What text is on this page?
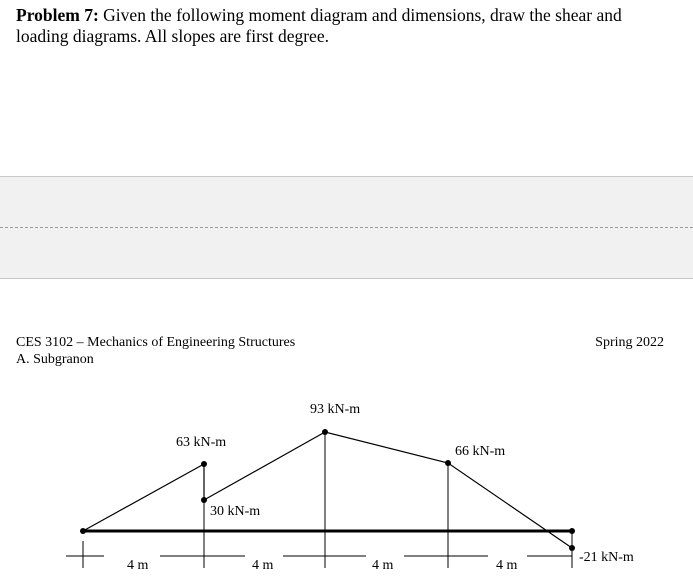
Problem 7: Given the following moment diagram and dimensions, draw the shear and loading diagrams. All slopes are first degree.
CES 3102 – Mechanics of Engineering Structures
A. Subgranon
Spring 2022
63 kN-m
30 kN-m
93 kN-m
66 kN-m
-21 kN-m
4 m	4 m	4 m	4 m
